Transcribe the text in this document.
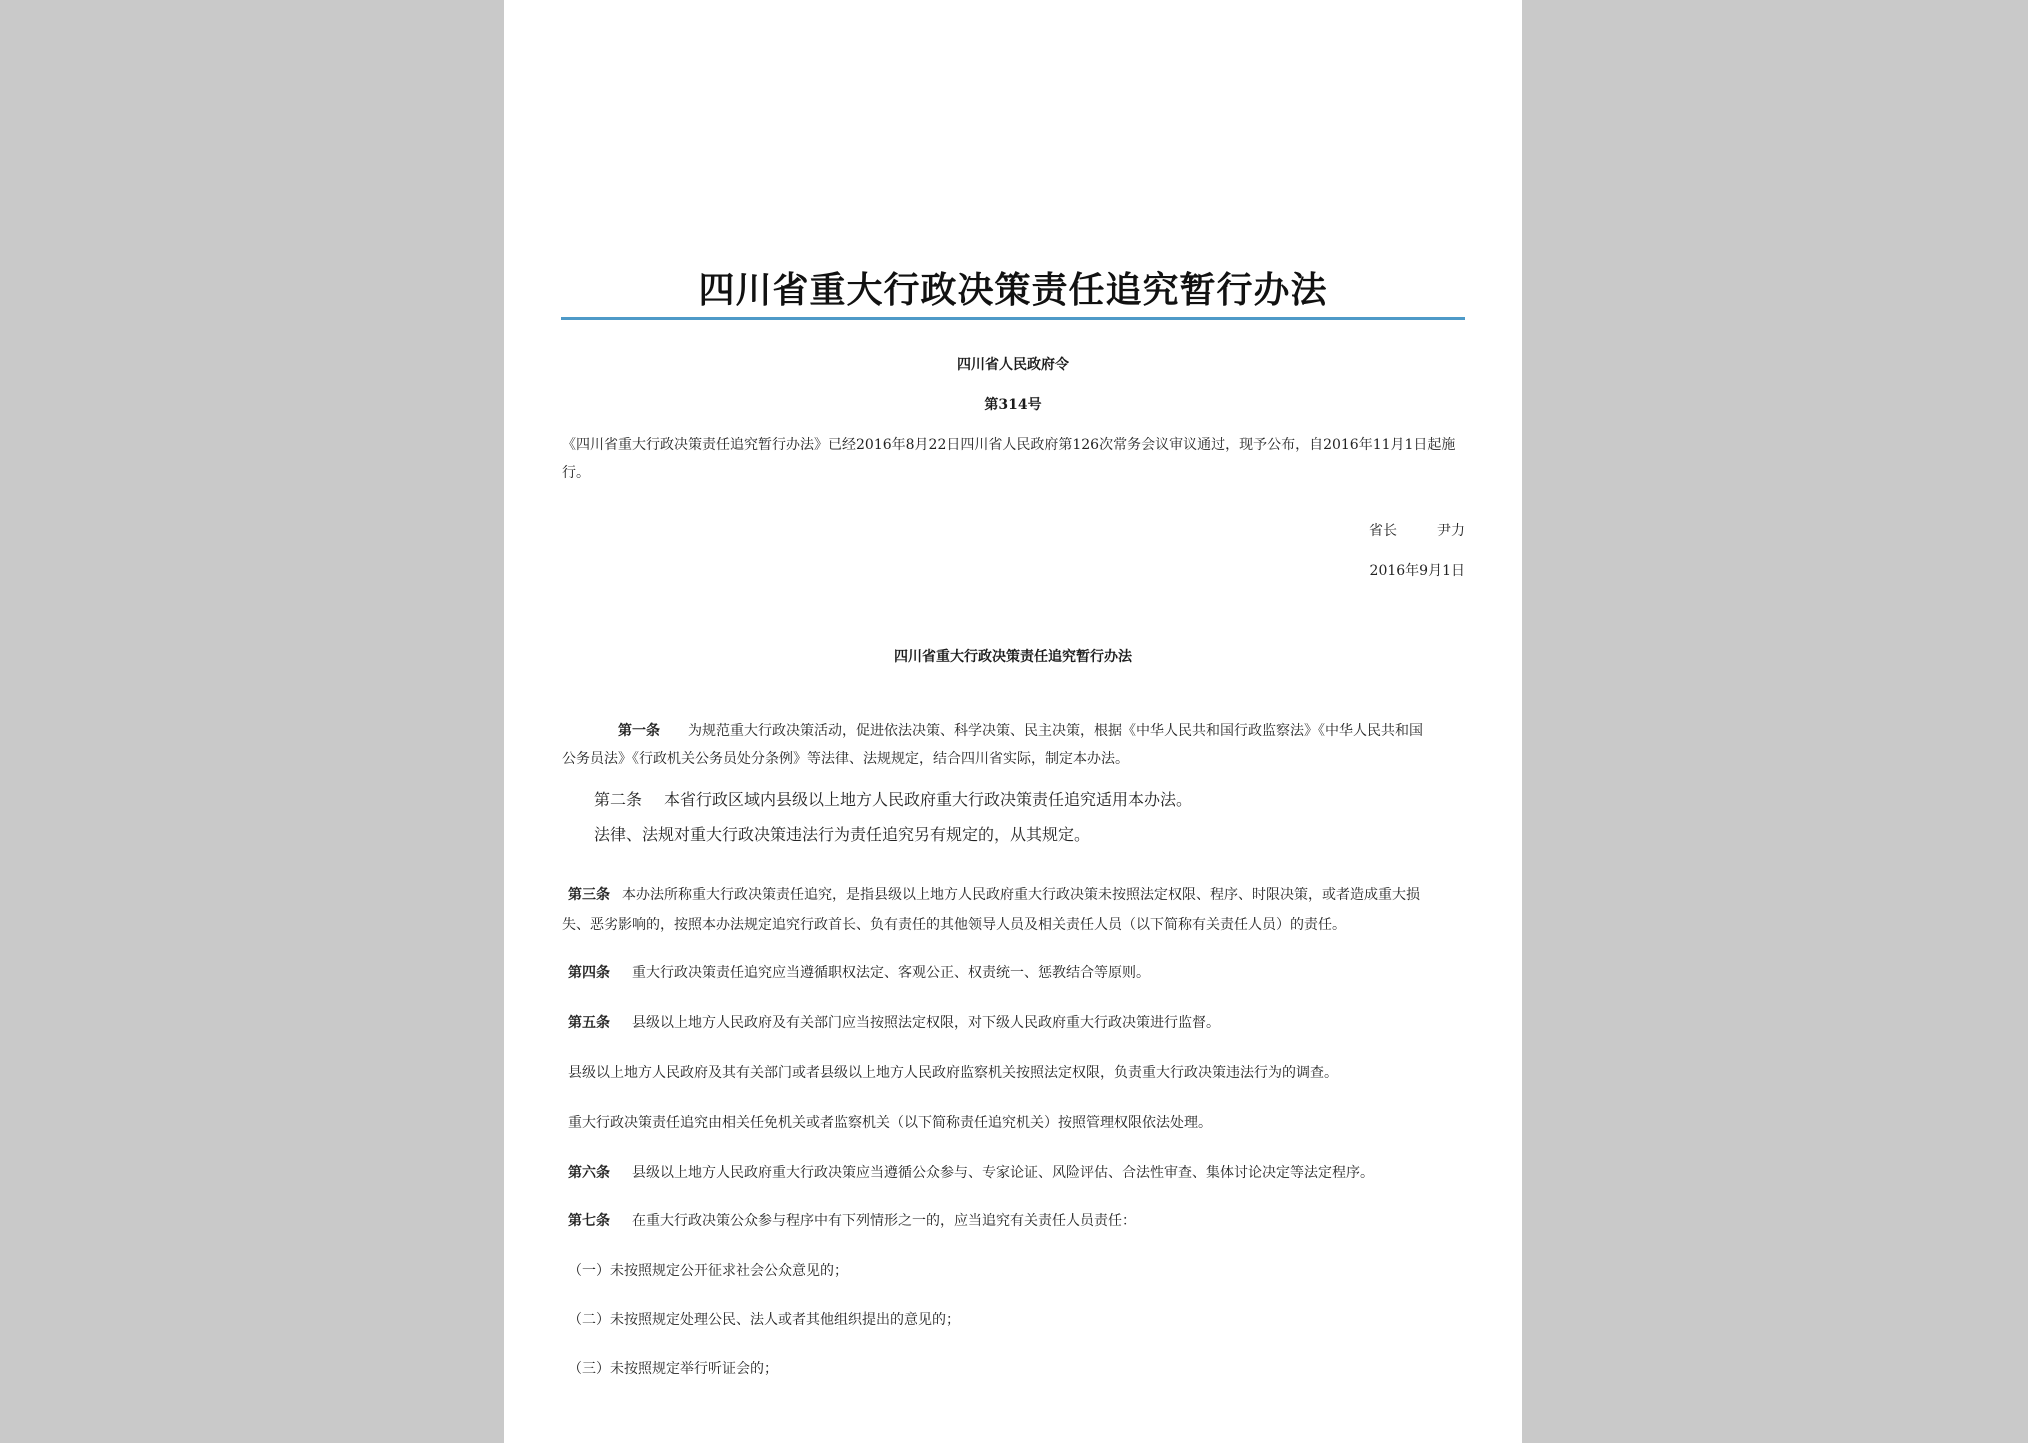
四川省重大行政决策责任追究暂行办法
四川省人民政府令
第314号
《四川省重大行政决策责任追究暂行办法》已经2016年8月22日四川省人民政府第126次常务会议审议通过，现予公布，自2016年11月1日起施
行。
省长	尹力
2016年9月1日
四川省重大行政决策责任追究暂行办法
第一条 为规范重大行政决策活动，促进依法决策、科学决策、民主决策，根据《中华人民共和国行政监察法》《中华人民共和国
公务员法》《行政机关公务员处分条例》等法律、法规规定，结合四川省实际，制定本办法。
第二条 本省行政区域内县级以上地方人民政府重大行政决策责任追究适用本办法。
法律、法规对重大行政决策违法行为责任追究另有规定的，从其规定。
第三条 本办法所称重大行政决策责任追究，是指县级以上地方人民政府重大行政决策未按照法定权限、程序、时限决策，或者造成重大损
失、恶劣影响的，按照本办法规定追究行政首长、负有责任的其他领导人员及相关责任人员（以下简称有关责任人员）的责任。
第四条 重大行政决策责任追究应当遵循职权法定、客观公正、权责统一、惩教结合等原则。
第五条 县级以上地方人民政府及有关部门应当按照法定权限，对下级人民政府重大行政决策进行监督。
县级以上地方人民政府及其有关部门或者县级以上地方人民政府监察机关按照法定权限，负责重大行政决策违法行为的调查。
重大行政决策责任追究由相关任免机关或者监察机关（以下简称责任追究机关）按照管理权限依法处理。
第六条 县级以上地方人民政府重大行政决策应当遵循公众参与、专家论证、风险评估、合法性审查、集体讨论决定等法定程序。
第七条 在重大行政决策公众参与程序中有下列情形之一的，应当追究有关责任人员责任：
（一）未按照规定公开征求社会公众意见的；
（二）未按照规定处理公民、法人或者其他组织提出的意见的；
（三）未按照规定举行听证会的；
